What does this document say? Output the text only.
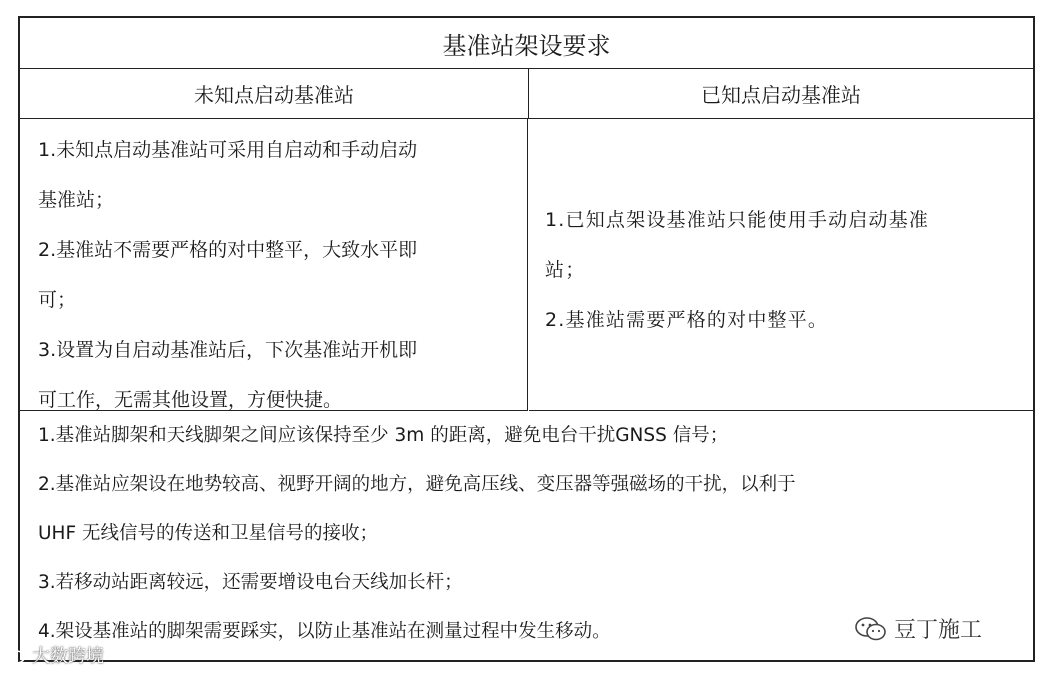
基准站架设要求
未知点启动基准站	已知点启动基准站

1.未知点启动基准站可采用自启动和手动启动

基准站；

2.基准站不需要严格的对中整平，大致水平即

可；

3.设置为自启动基准站后，下次基准站开机即

可工作，无需其他设置，方便快捷。

1.已知点架设基准站只能使用手动启动基准

站；

2.基准站需要严格的对中整平。

1.基准站脚架和天线脚架之间应该保持至少 3m 的距离，避免电台干扰GNSS 信号；

2.基准站应架设在地势较高、视野开阔的地方，避免高压线、变压器等强磁场的干扰，以利于

UHF 无线信号的传送和卫星信号的接收；

3.若移动站距离较远，还需要增设电台天线加长杆；

4.架设基准站的脚架需要踩实，以防止基准站在测量过程中发生移动。	豆丁施工
大数跨境
